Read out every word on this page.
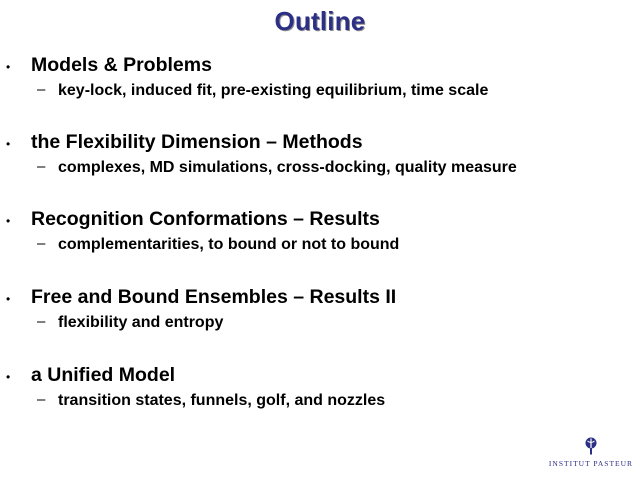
Outline
• Models & Problems
– key-lock, induced fit, pre-existing equilibrium, time scale
• the Flexibility Dimension – Methods
– complexes, MD simulations, cross-docking, quality measure
• Recognition Conformations – Results
– complementarities, to bound or not to bound
• Free and Bound Ensembles – Results II
– flexibility and entropy
• a Unified Model
– transition states, funnels, golf, and nozzles
INSTITUT PASTEUR
